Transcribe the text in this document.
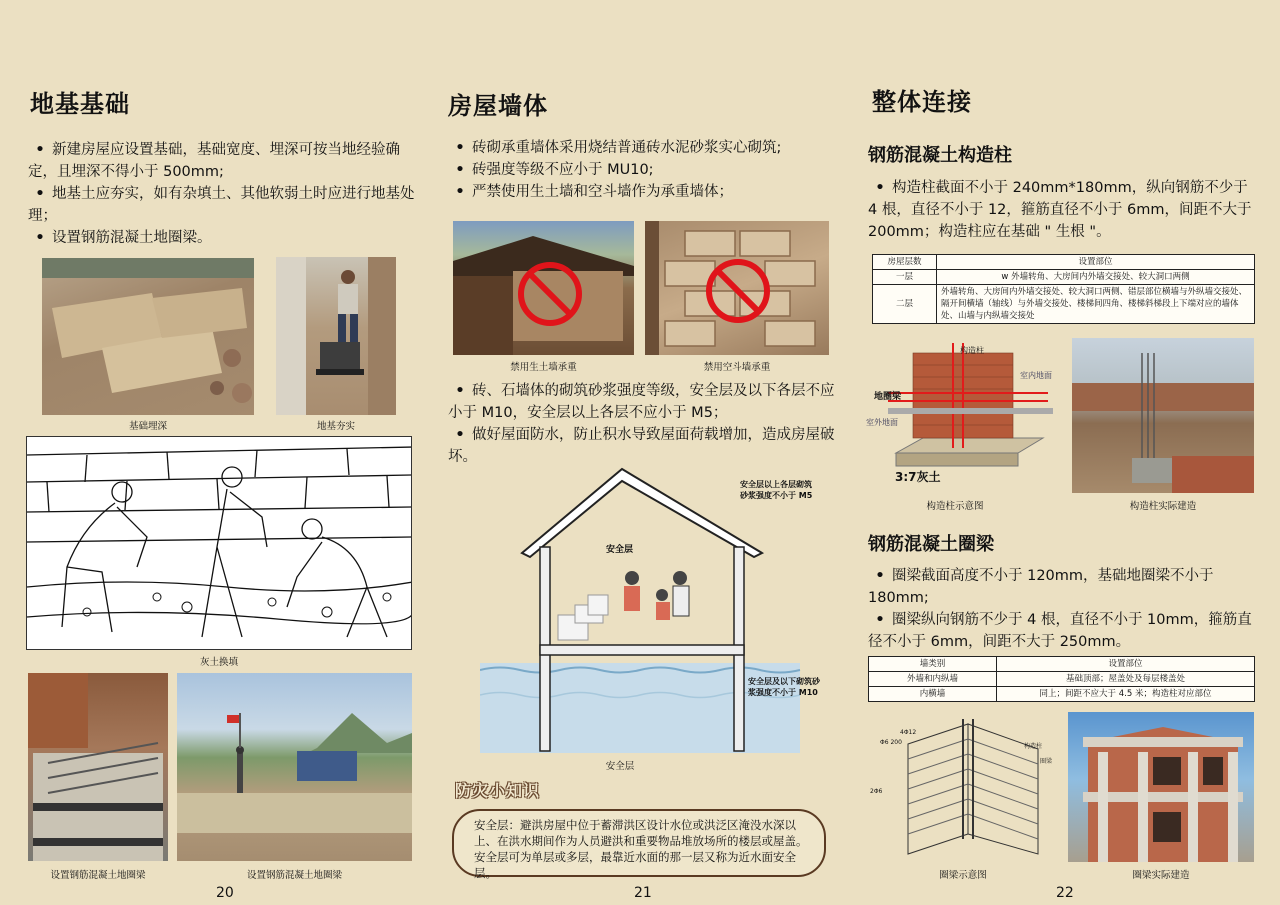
地基基础
• 新建房屋应设置基础，基础宽度、埋深可按当地经验确定，且埋深不得小于 500mm;
• 地基土应夯实，如有杂填土、其他软弱土时应进行地基处理；
• 设置钢筋混凝土地圈梁。
基础埋深	地基夯实
灰土换填
设置钢筋混凝土地圈梁	设置钢筋混凝土地圈梁
20
房屋墙体
• 砖砌承重墙体采用烧结普通砖水泥砂浆实心砌筑;
• 砖强度等级不应小于 MU10;
• 严禁使用生土墙和空斗墙作为承重墙体；
禁用生土墙承重	禁用空斗墙承重
• 砖、石墙体的砌筑砂浆强度等级，安全层及以下各层不应小于 M10，安全层以上各层不应小于 M5；
• 做好屋面防水，防止积水导致屋面荷载增加，造成房屋破坏。
安全层以上各层砌筑
砂浆强度不小于 M5
安全层
安全层及以下砌筑砂
浆强度不小于 M10
安全层
防灾小知识
安全层：避洪房屋中位于蓄滞洪区设计水位或洪泛区淹没水深以上、在洪水期间作为人员避洪和重要物品堆放场所的楼层或屋盖。安全层可为单层或多层，最靠近水面的那一层又称为近水面安全层。
21
整体连接
钢筋混凝土构造柱
• 构造柱截面不小于 240mm*180mm，纵向钢筋不少于 4 根，直径不小于 12，箍筋直径不小于 6mm，间距不大于 200mm；构造柱应在基础 " 生根 "。
房屋层数	设置部位
一层	w 外墙转角、大房间内外墙交接处、较大洞口两侧
二层	外墙转角、大房间内外墙交接处、较大洞口两侧、错层部位横墙与外纵墙交接处、隔开间横墙（轴线）与外墙交接处、楼梯间四角、楼梯斜梯段上下端对应的墙体处、山墙与内纵墙交接处
构造柱
室内地面
地圈梁
室外地面
3:7灰土
构造柱示意图	构造柱实际建造
钢筋混凝土圈梁
• 圈梁截面高度不小于 120mm，基础地圈梁不小于 180mm;
• 圈梁纵向钢筋不少于 4 根，直径不小于 10mm，箍筋直径不小于 6mm，间距不大于 250mm。
墙类别	设置部位
外墙和内纵墙	基础顶部；屋盖处及每层楼盖处
内横墙	同上；间距不应大于 4.5 米；构造柱对应部位
4Φ12
Φ6 200
构造柱
圈梁
2Φ6
圈梁示意图	圈梁实际建造
22
